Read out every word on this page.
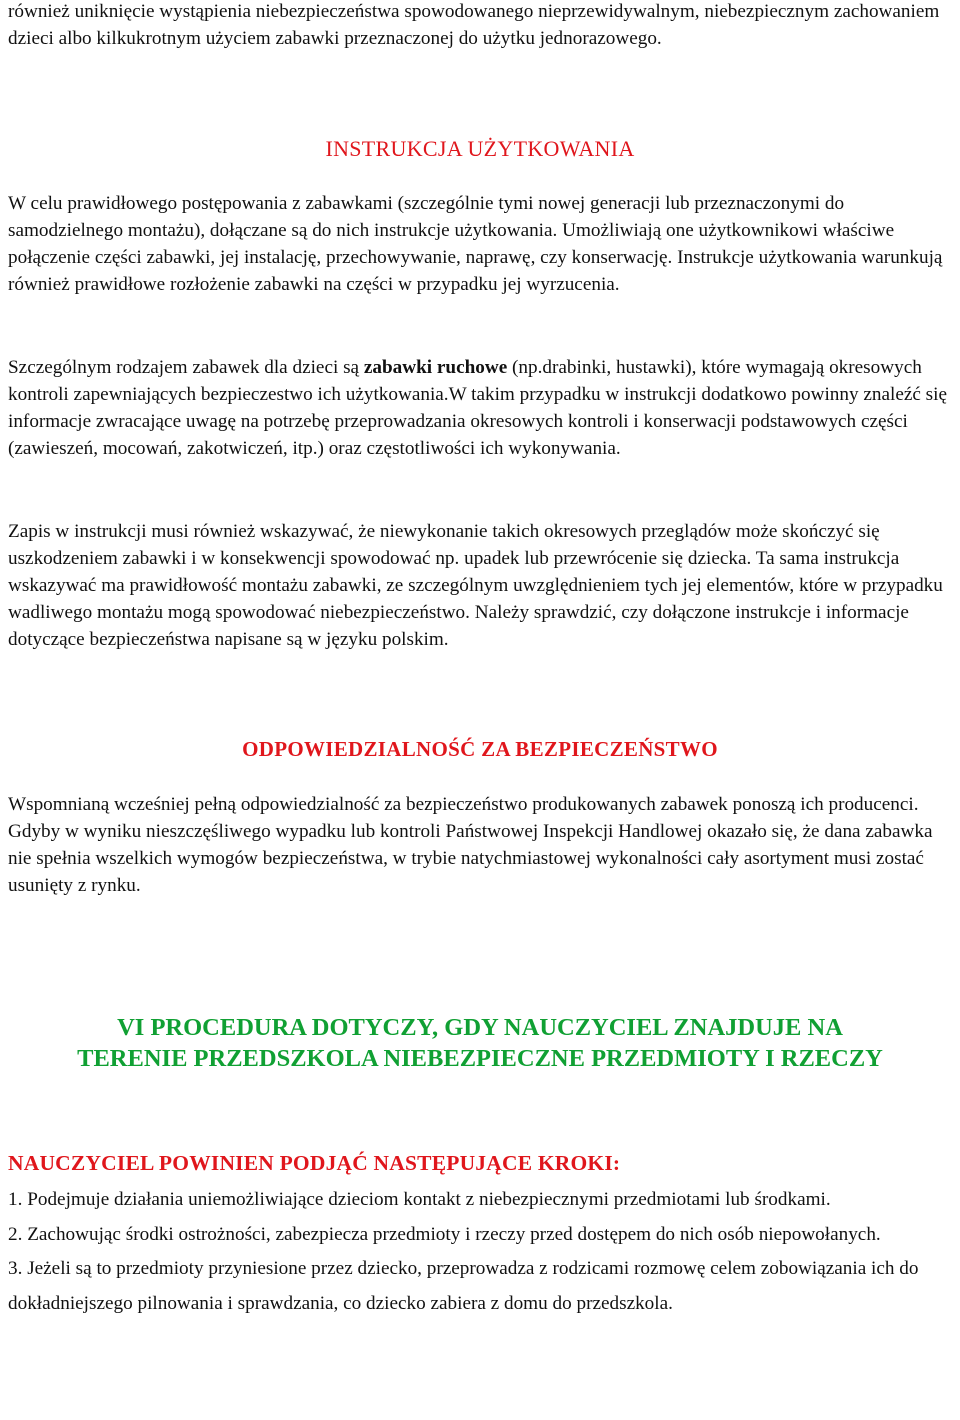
również uniknięcie wystąpienia niebezpieczeństwa spowodowanego nieprzewidywalnym, niebezpiecznym zachowaniem dzieci albo kilkukrotnym użyciem zabawki przeznaczonej do użytku jednorazowego.

INSTRUKCJA UŻYTKOWANIA

W celu prawidłowego postępowania z zabawkami (szczególnie tymi nowej generacji lub przeznaczonymi do samodzielnego montażu), dołączane są do nich instrukcje użytkowania. Umożliwiają one użytkownikowi właściwe połączenie części zabawki, jej instalację, przechowywanie, naprawę, czy konserwację. Instrukcje użytkowania warunkują również prawidłowe rozłożenie zabawki na części w przypadku jej wyrzucenia.

Szczególnym rodzajem zabawek dla dzieci są zabawki ruchowe (np.drabinki, hustawki), które wymagają okresowych kontroli zapewniających bezpieczestwo ich użytkowania.W takim przypadku w instrukcji dodatkowo powinny znaleźć się informacje zwracające uwagę na potrzebę przeprowadzania okresowych kontroli i konserwacji podstawowych części (zawieszeń, mocowań, zakotwiczeń, itp.) oraz częstotliwości ich wykonywania.

Zapis w instrukcji musi również wskazywać, że niewykonanie takich okresowych przeglądów może skończyć się uszkodzeniem zabawki i w konsekwencji spowodować np. upadek lub przewrócenie się dziecka. Ta sama instrukcja wskazywać ma prawidłowość montażu zabawki, ze szczególnym uwzględnieniem tych jej elementów, które w przypadku wadliwego montażu mogą spowodować niebezpieczeństwo. Należy sprawdzić, czy dołączone instrukcje i informacje dotyczące bezpieczeństwa napisane są w języku polskim.

ODPOWIEDZIALNOŚĆ ZA BEZPIECZEŃSTWO

Wspomnianą wcześniej pełną odpowiedzialność za bezpieczeństwo produkowanych zabawek ponoszą ich producenci. Gdyby w wyniku nieszczęśliwego wypadku lub kontroli Państwowej Inspekcji Handlowej okazało się, że dana zabawka nie spełnia wszelkich wymogów bezpieczeństwa, w trybie natychmiastowej wykonalności cały asortyment musi zostać usunięty z rynku.

VI PROCEDURA DOTYCZY, GDY NAUCZYCIEL ZNAJDUJE NA
TERENIE PRZEDSZKOLA NIEBEZPIECZNE PRZEDMIOTY I RZECZY
NAUCZYCIEL POWINIEN PODJĄĆ NASTĘPUJĄCE KROKI:

1. Podejmuje działania uniemożliwiające dzieciom kontakt z niebezpiecznymi przedmiotami lub środkami.

2. Zachowując środki ostrożności, zabezpiecza przedmioty i rzeczy przed dostępem do nich osób niepowołanych.

3. Jeżeli są to przedmioty przyniesione przez dziecko, przeprowadza z rodzicami rozmowę celem zobowiązania ich do dokładniejszego pilnowania i sprawdzania, co dziecko zabiera z domu do przedszkola.
